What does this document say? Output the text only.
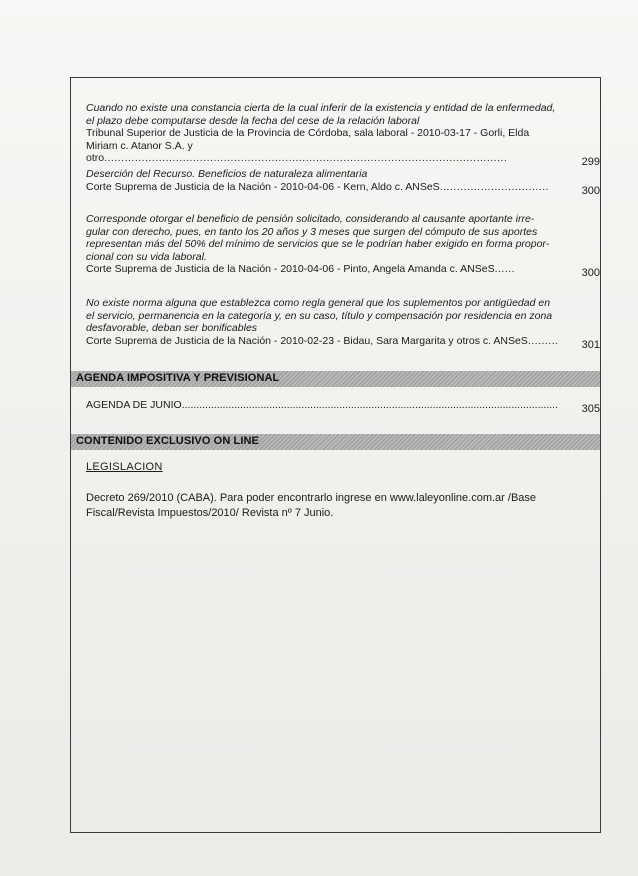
Cuando no existe una constancia cierta de la cual inferir de la existencia y entidad de la enfermedad,
el plazo debe computarse desde la fecha del cese de la relación laboral
Tribunal Superior de Justicia de la Provincia de Córdoba, sala laboral - 2010-03-17 - Gorli, Elda
Miriam c. Atanor S.A. y otro......................................................................................................................	299
Deserción del Recurso. Beneficios de naturaleza alimentaria
Corte Suprema de Justicia de la Nación - 2010-04-06 - Kern, Aldo c. ANSeS................................	300
Corresponde otorgar el beneficio de pensión solicitado, considerando al causante aportante irre-
gular con derecho, pues, en tanto los 20 años y 3 meses que surgen del cómputo de sus aportes
representan más del 50% del mínimo de servicios que se le podrían haber exigido en forma propor-
cional con su vida laboral.
Corte Suprema de Justicia de la Nación - 2010-04-06 - Pinto, Angela Amanda c. ANSeS......	300
No existe norma alguna que establezca como regla general que los suplementos por antigüedad en
el servicio, permanencia en la categoría y, en su caso, título y compensación por residencia en zona
desfavorable, deban ser bonificables
Corte Suprema de Justicia de la Nación - 2010-02-23 - Bidau, Sara Margarita y otros c. ANSeS.........	301
AGENDA IMPOSITIVA Y PREVISIONAL
AGENDA DE JUNIO................................................................................................................................. 305
CONTENIDO EXCLUSIVO ON LINE
LEGISLACION
Decreto 269/2010 (CABA). Para poder encontrarlo ingrese en www.laleyonline.com.ar /Base
Fiscal/Revista Impuestos/2010/ Revista nº 7 Junio.
